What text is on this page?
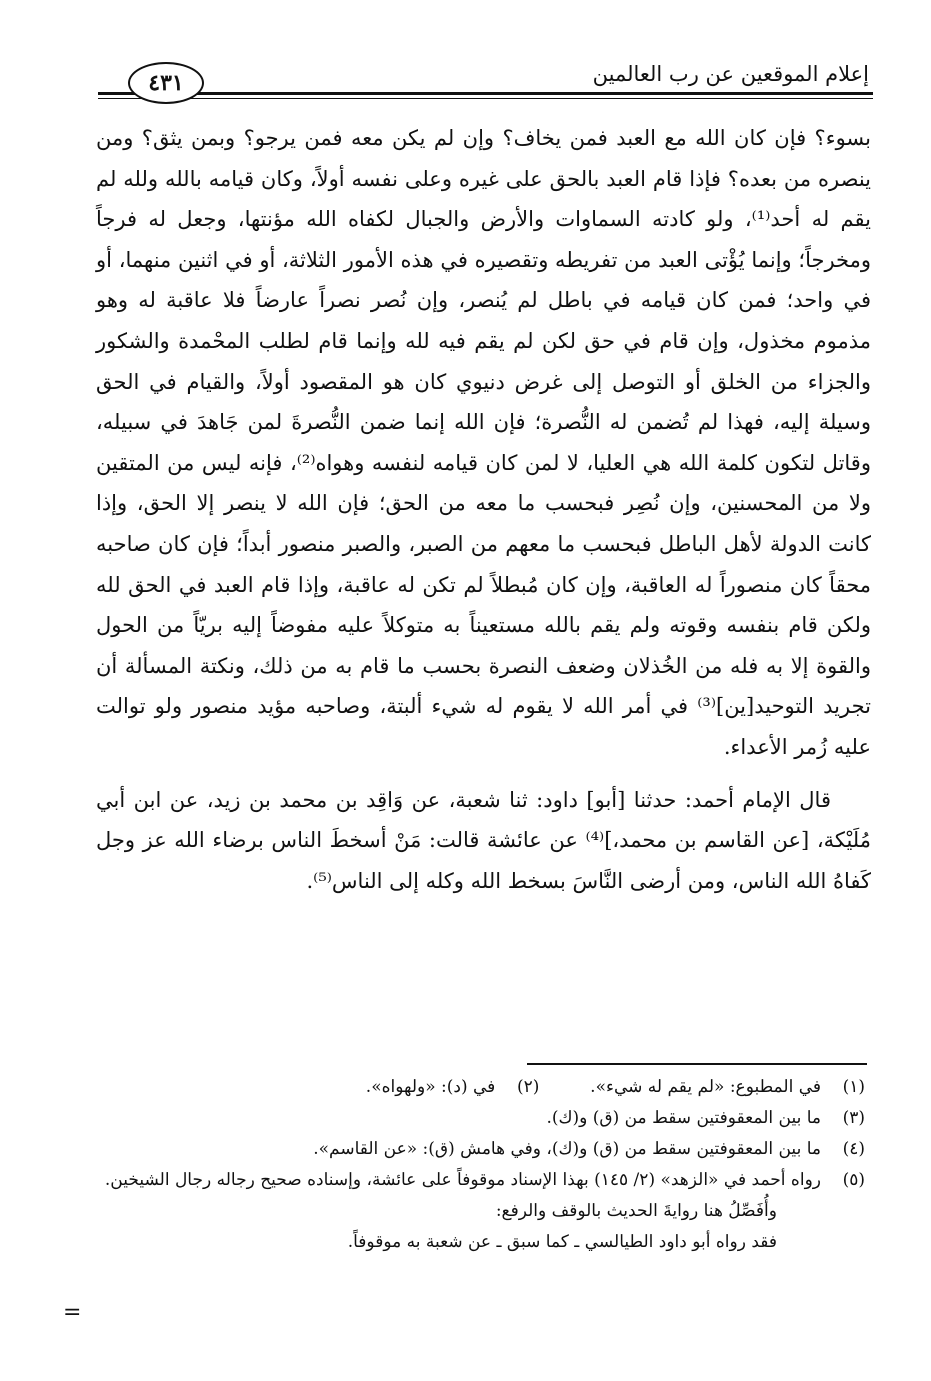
٤٣١	إعلام الموقعين عن رب العالمين

بسوء؟ فإن كان الله مع العبد فمن يخاف؟ وإن لم يكن معه فمن يرجو؟ وبمن يثق؟ ومن ينصره من بعده؟ فإذا قام العبد بالحق على غيره وعلى نفسه أولاً، وكان قيامه بالله ولله لم يقم له أحد⁽¹⁾، ولو كادته السماوات والأرض والجبال لكفاه الله مؤنتها، وجعل له فرجاً ومخرجاً؛ وإنما يُؤْتى العبد من تفريطه وتقصيره في هذه الأمور الثلاثة، أو في اثنين منهما، أو في واحد؛ فمن كان قيامه في باطل لم يُنصر، وإن نُصر نصراً عارضاً فلا عاقبة له وهو مذموم مخذول، وإن قام في حق لكن لم يقم فيه لله وإنما قام لطلب المحْمدة والشكور والجزاء من الخلق أو التوصل إلى غرض دنيوي كان هو المقصود أولاً، والقيام في الحق وسيلة إليه، فهذا لم تُضمن له النُّصرة؛ فإن الله إنما ضمن النُّصرةَ لمن جَاهدَ في سبيله، وقاتل لتكون كلمة الله هي العليا، لا لمن كان قيامه لنفسه وهواه⁽²⁾، فإنه ليس من المتقين ولا من المحسنين، وإن نُصِر فبحسب ما معه من الحق؛ فإن الله لا ينصر إلا الحق، وإذا كانت الدولة لأهل الباطل فبحسب ما معهم من الصبر، والصبر منصور أبداً؛ فإن كان صاحبه محقاً كان منصوراً له العاقبة، وإن كان مُبطلاً لم تكن له عاقبة، وإذا قام العبد في الحق لله ولكن قام بنفسه وقوته ولم يقم بالله مستعيناً به متوكلاً عليه مفوضاً إليه بريّاً من الحول والقوة إلا به فله من الخُذلان وضعف النصرة بحسب ما قام به من ذلك، ونكتة المسألة أن تجريد التوحيد[ين]⁽³⁾ في أمر الله لا يقوم له شيء ألبتة، وصاحبه مؤيد منصور ولو توالت عليه زُمر الأعداء.

قال الإمام أحمد: حدثنا [أبو] داود: ثنا شعبة، عن وَاقِد بن محمد بن زيد، عن ابن أبي مُلَيْكة، [عن القاسم بن محمد،]⁽⁴⁾ عن عائشة قالت: مَنْ أسخطَ الناس برضاء الله عز وجل كَفاهُ الله الناس، ومن أرضى النَّاسَ بسخط الله وكله إلى الناس⁽⁵⁾.

(١)
في المطبوع: «لم يقم له شيء».  (٢)    في (د): «ولهواه».
(٣)
ما بين المعقوفتين سقط من (ق) و(ك).
(٤)
ما بين المعقوفتين سقط من (ق) و(ك)، وفي هامش (ق): «عن القاسم».
(٥)
رواه أحمد في «الزهد» (٢/ ١٤٥) بهذا الإسناد موقوفاً على عائشة، وإسناده صحيح رجاله رجال الشيخين.
وأُفَصِّلُ هنا روايةَ الحديث بالوقف والرفع:
فقد رواه أبو داود الطيالسي ـ كما سبق ـ عن شعبة به موقوفاً.
=
